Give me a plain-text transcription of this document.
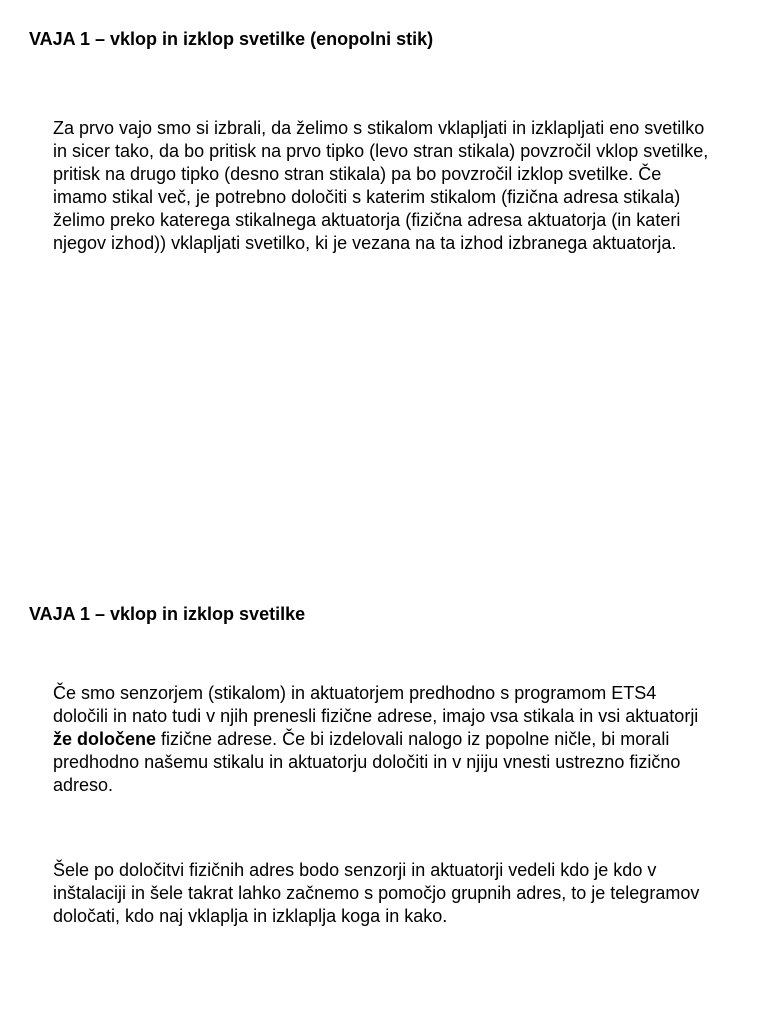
VAJA 1 – vklop in izklop svetilke (enopolni stik)

Za prvo vajo smo si izbrali, da želimo s stikalom vklapljati in izklapljati eno svetilko in sicer tako, da bo pritisk na prvo tipko (levo stran stikala) povzročil vklop svetilke, pritisk na drugo tipko (desno stran stikala) pa bo povzročil izklop svetilke. Če imamo stikal več, je potrebno določiti s katerim stikalom (fizična adresa stikala) želimo preko katerega stikalnega aktuatorja (fizična adresa aktuatorja (in kateri njegov izhod)) vklapljati svetilko, ki je vezana na ta izhod izbranega aktuatorja.

VAJA 1 – vklop in izklop svetilke

Če smo senzorjem (stikalom) in aktuatorjem predhodno s programom ETS4 določili in nato tudi v njih prenesli fizične adrese, imajo vsa stikala in vsi aktuatorji že določene fizične adrese. Če bi izdelovali nalogo iz popolne ničle, bi morali predhodno našemu stikalu in aktuatorju določiti in v njiju vnesti ustrezno fizično adreso.

Šele po določitvi fizičnih adres bodo senzorji in aktuatorji vedeli kdo je kdo v inštalaciji in šele takrat lahko začnemo s pomočjo grupnih adres, to je telegramov določati, kdo naj vklaplja in izklaplja koga in kako.
